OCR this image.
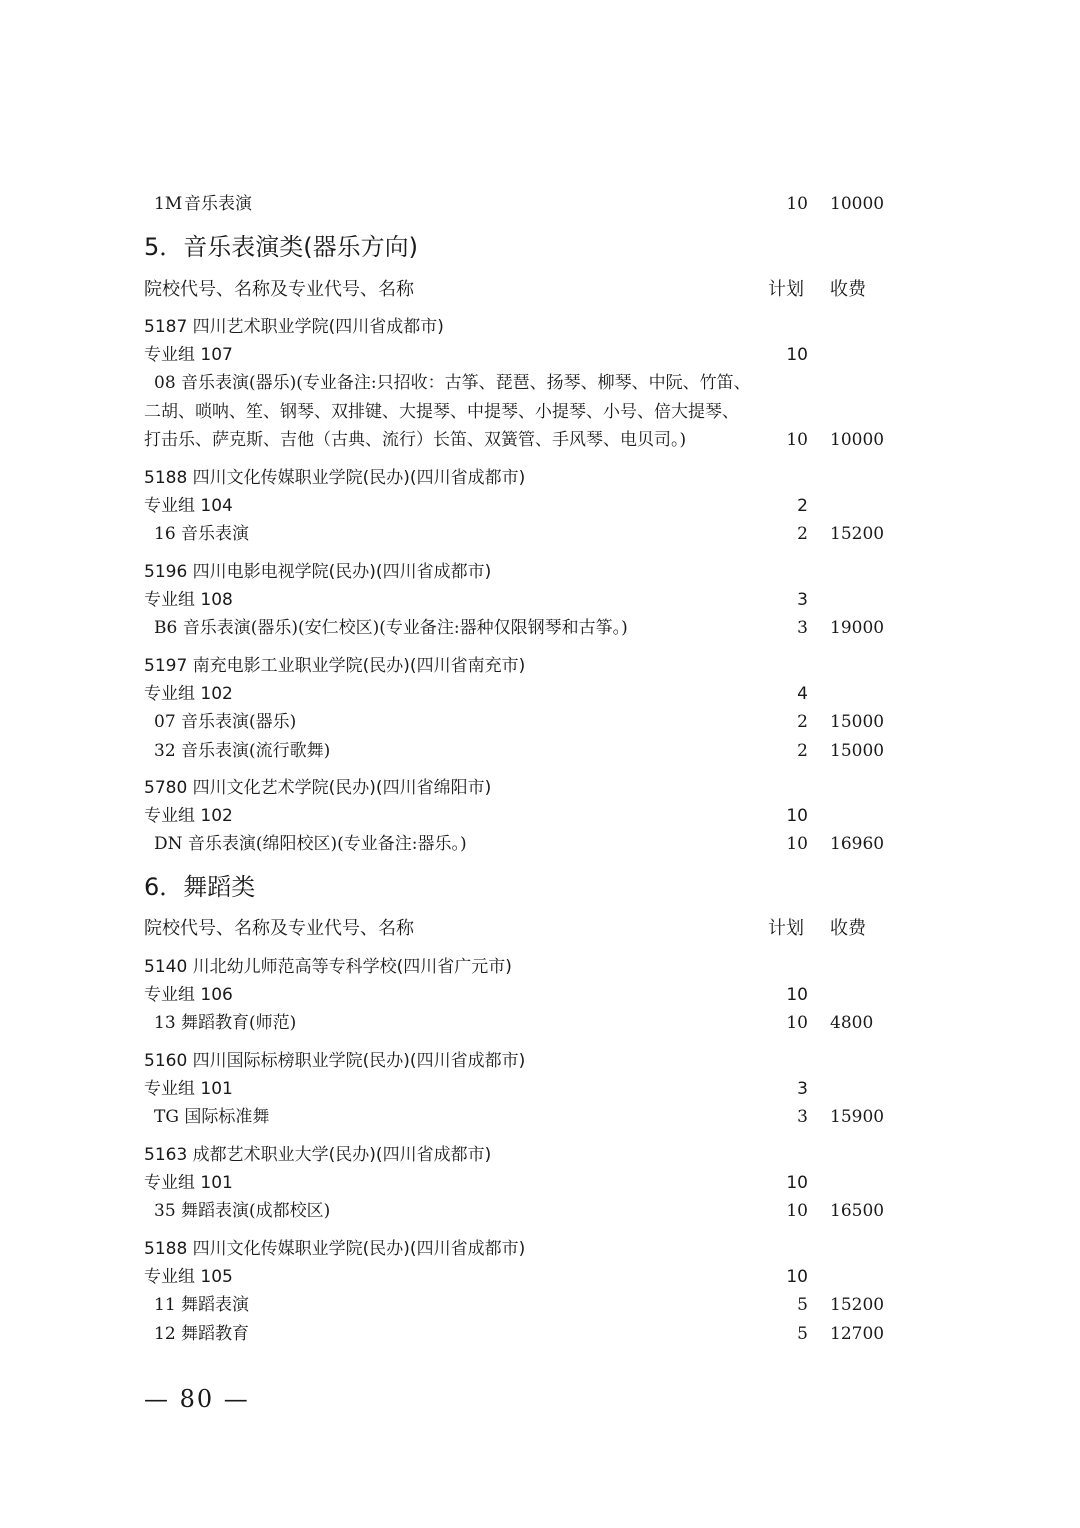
1M 音乐表演	10 10000
5．音乐表演类(器乐方向)
院校代号、名称及专业代号、名称	计划 收费
5187 四川艺术职业学院(四川省成都市)
专业组 107	10
08 音乐表演(器乐)(专业备注:只招收：古筝、琵琶、扬琴、柳琴、中阮、竹笛、
二胡、唢呐、笙、钢琴、双排键、大提琴、中提琴、小提琴、小号、倍大提琴、
打击乐、萨克斯、吉他（古典、流行）长笛、双簧管、手风琴、电贝司。)	10 10000
5188 四川文化传媒职业学院(民办)(四川省成都市)
专业组 104	2
16 音乐表演	2 15200
5196 四川电影电视学院(民办)(四川省成都市)
专业组 108	3
B6 音乐表演(器乐)(安仁校区)(专业备注:器种仅限钢琴和古筝。)	3 19000
5197 南充电影工业职业学院(民办)(四川省南充市)
专业组 102	4
07 音乐表演(器乐)	2 15000
32 音乐表演(流行歌舞)	2 15000
5780 四川文化艺术学院(民办)(四川省绵阳市)
专业组 102	10
DN 音乐表演(绵阳校区)(专业备注:器乐。)	10 16960
6．舞蹈类
院校代号、名称及专业代号、名称	计划 收费
5140 川北幼儿师范高等专科学校(四川省广元市)
专业组 106	10
13 舞蹈教育(师范)	10 4800
5160 四川国际标榜职业学院(民办)(四川省成都市)
专业组 101	3
TG 国际标准舞	3 15900
5163 成都艺术职业大学(民办)(四川省成都市)
专业组 101	10
35 舞蹈表演(成都校区)	10 16500
5188 四川文化传媒职业学院(民办)(四川省成都市)
专业组 105	10
11 舞蹈表演	5 15200
12 舞蹈教育	5 12700
— 80 —
